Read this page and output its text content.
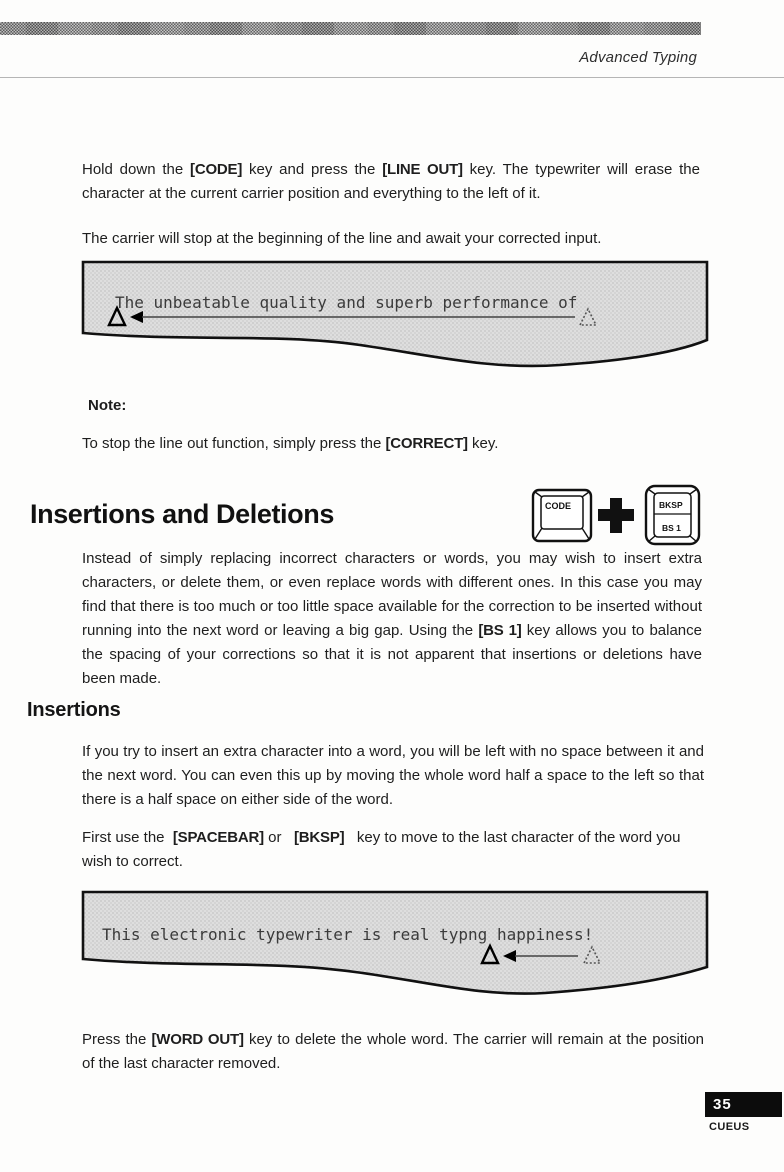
Advanced Typing
Hold down the [CODE] key and press the [LINE OUT] key. The typewriter will erase the character at the current carrier position and everything to the left of it.
The carrier will stop at the beginning of the line and await your corrected input.
The unbeatable quality and superb performance of
Note:
To stop the line out function, simply press the [CORRECT] key.
Insertions and Deletions	CODE	BKSP
BS 1
Instead of simply replacing incorrect characters or words, you may wish to insert extra characters, or delete them, or even replace words with different ones. In this case you may find that there is too much or too little space available for the correction to be inserted without running into the next word or leaving a big gap. Using the [BS 1] key allows you to balance the spacing of your corrections so that it is not apparent that insertions or deletions have been made.
Insertions
If you try to insert an extra character into a word, you will be left with no space between it and the next word. You can even this up by moving the whole word half a space to the left so that there is a half space on either side of the word.
First use the  [SPACEBAR] or   [BKSP]   key to move to the last character of the word you wish to correct.
This electronic typewriter is real typng happiness!
Press the [WORD OUT] key to delete the whole word. The carrier will remain at the position of the last character removed.
35
CUEUS
